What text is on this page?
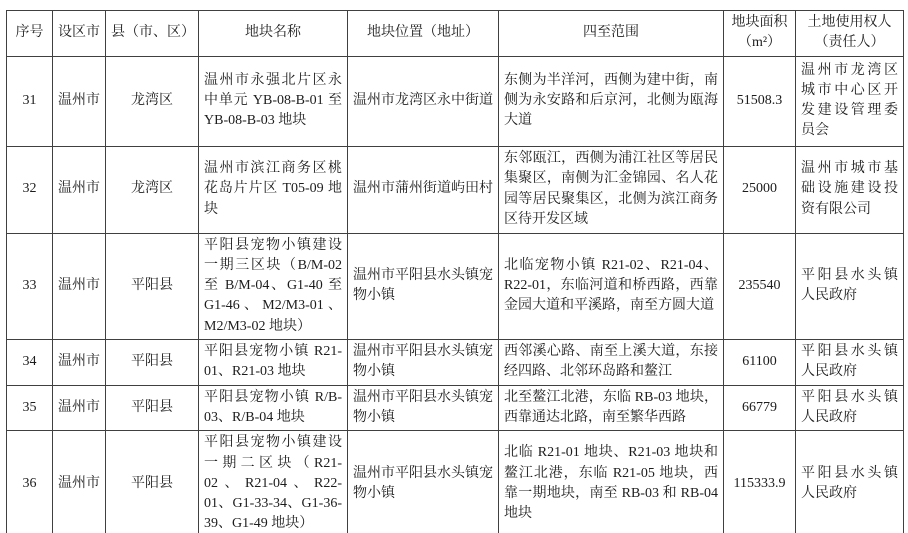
序号	设区市	县（市、区）	地块名称	地块位置（地址）	四至范围	地块面积（m²）	土地使用权人（责任人）
31	温州市	龙湾区	温州市永强北片区永中单元 YB-08-B-01 至 YB-08-B-03 地块	温州市龙湾区永中街道	东侧为半洋河，西侧为建中街，南侧为永安路和后京河，北侧为瓯海大道	51508.3	温州市龙湾区城市中心区开发建设管理委员会
32	温州市	龙湾区	温州市滨江商务区桃花岛片片区 T05-09 地块	温州市蒲州街道屿田村	东邻瓯江，西侧为浦江社区等居民集聚区，南侧为汇金锦园、名人花园等居民聚集区，北侧为滨江商务区待开发区域	25000	温州市城市基础设施建设投资有限公司
33	温州市	平阳县	平阳县宠物小镇建设一期三区块（B/M-02 至 B/M-04、G1-40 至 G1-46、M2/M3-01、M2/M3-02 地块）	温州市平阳县水头镇宠物小镇	北临宠物小镇 R21-02、R21-04、R22-01，东临河道和桥西路，西靠金园大道和平溪路，南至方圆大道	235540	平阳县水头镇人民政府
34	温州市	平阳县	平阳县宠物小镇 R21-01、R21-03 地块	温州市平阳县水头镇宠物小镇	西邻溪心路、南至上溪大道，东接经四路、北邻环岛路和鳌江	61100	平阳县水头镇人民政府
35	温州市	平阳县	平阳县宠物小镇 R/B-03、R/B-04 地块	温州市平阳县水头镇宠物小镇	北至鳌江北港，东临 RB-03 地块，西靠通达北路，南至繁华西路	66779	平阳县水头镇人民政府
36	温州市	平阳县	平阳县宠物小镇建设一期二区块（R21-02、R21-04、R22-01、G1-33-34、G1-36-39、G1-49 地块）	温州市平阳县水头镇宠物小镇	北临 R21-01 地块、R21-03 地块和鳌江北港，东临 R21-05 地块，西靠一期地块，南至 RB-03 和 RB-04 地块	115333.9	平阳县水头镇人民政府
